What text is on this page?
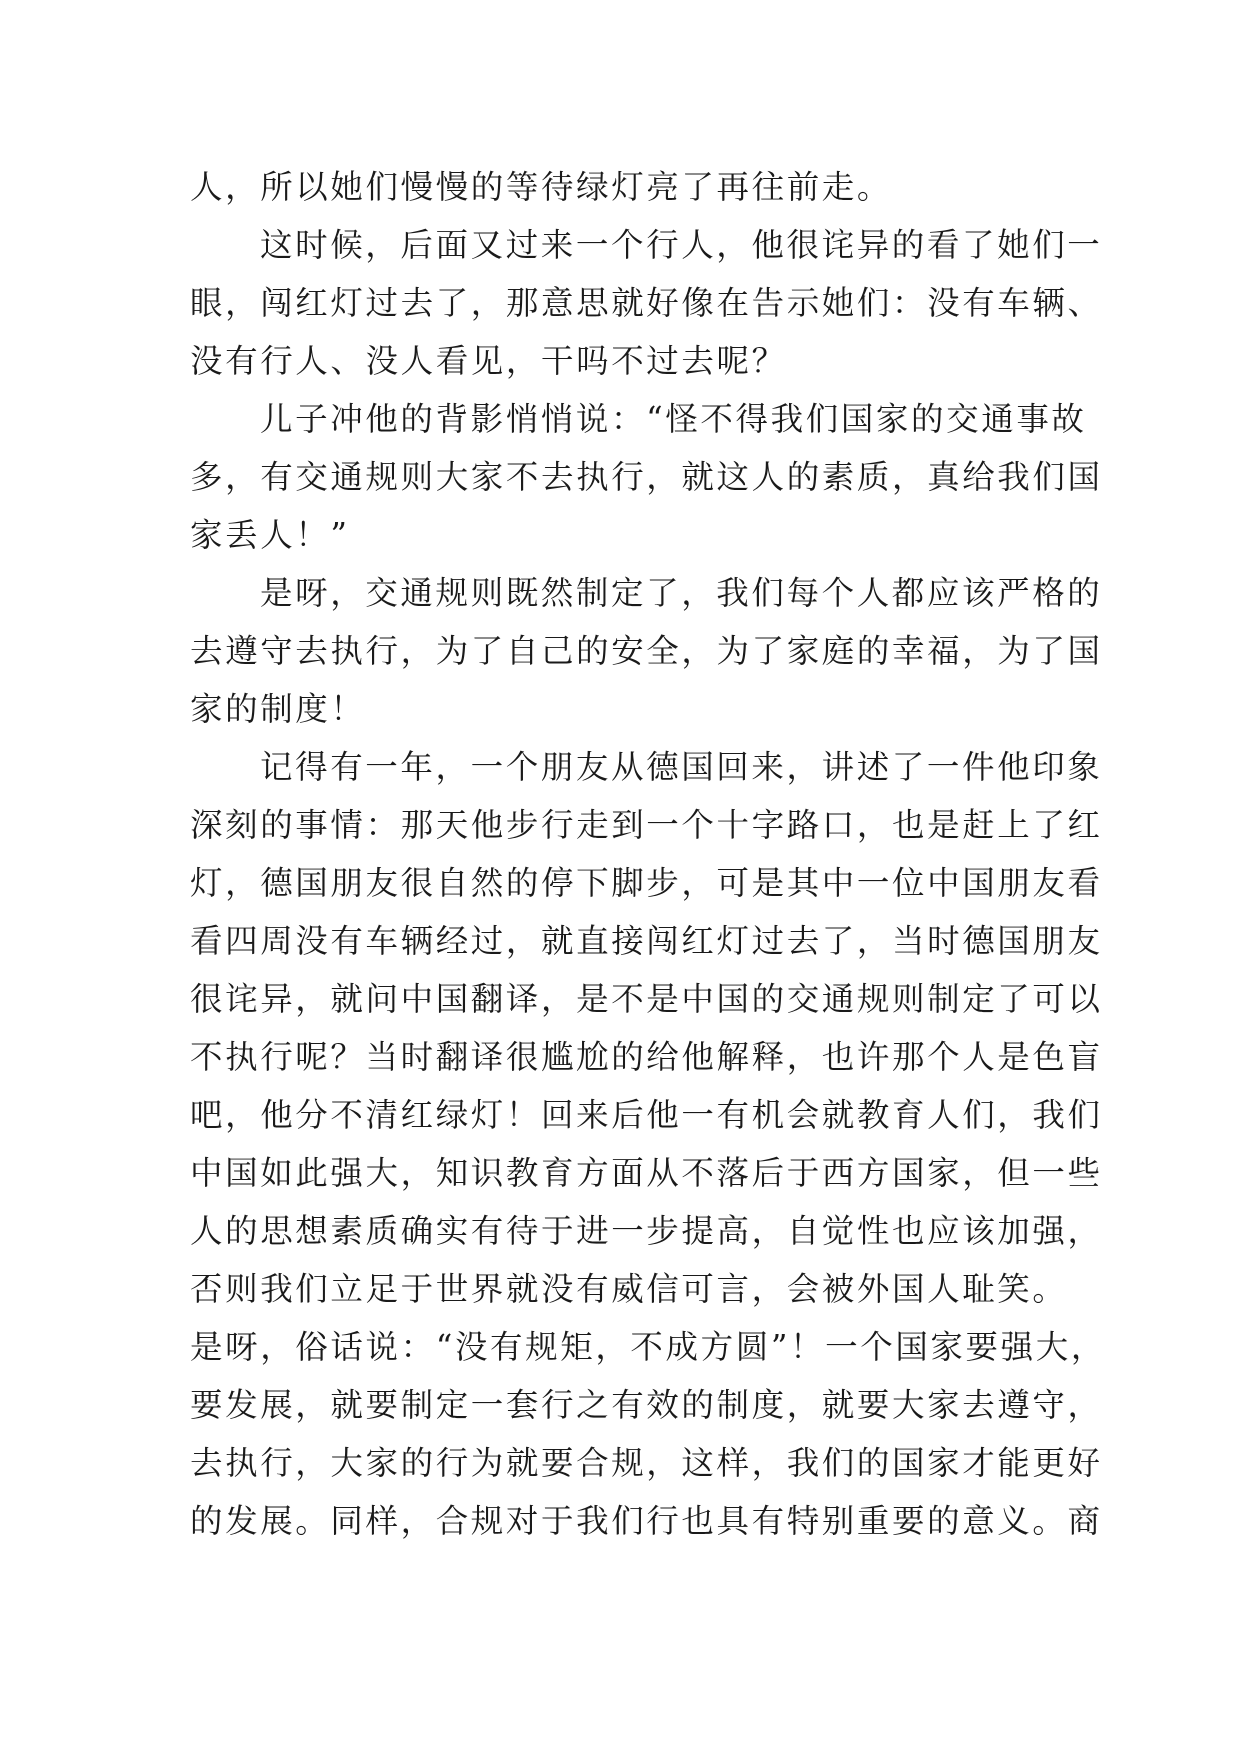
人，所以她们慢慢的等待绿灯亮了再往前走。
这时候，后面又过来一个行人，他很诧异的看了她们一
眼，闯红灯过去了，那意思就好像在告示她们：没有车辆、
没有行人、没人看见，干吗不过去呢？
儿子冲他的背影悄悄说：“怪不得我们国家的交通事故
多，有交通规则大家不去执行，就这人的素质，真给我们国
家丢人！”
是呀，交通规则既然制定了，我们每个人都应该严格的
去遵守去执行，为了自己的安全，为了家庭的幸福，为了国
家的制度！
记得有一年，一个朋友从德国回来，讲述了一件他印象
深刻的事情：那天他步行走到一个十字路口，也是赶上了红
灯，德国朋友很自然的停下脚步，可是其中一位中国朋友看
看四周没有车辆经过，就直接闯红灯过去了，当时德国朋友
很诧异，就问中国翻译，是不是中国的交通规则制定了可以
不执行呢？当时翻译很尴尬的给他解释，也许那个人是色盲
吧，他分不清红绿灯！回来后他一有机会就教育人们，我们
中国如此强大，知识教育方面从不落后于西方国家，但一些
人的思想素质确实有待于进一步提高，自觉性也应该加强，
否则我们立足于世界就没有威信可言，会被外国人耻笑。
是呀，俗话说：“没有规矩，不成方圆”！一个国家要强大，
要发展，就要制定一套行之有效的制度，就要大家去遵守，
去执行，大家的行为就要合规，这样，我们的国家才能更好
的发展。同样，合规对于我们行也具有特别重要的意义。商
